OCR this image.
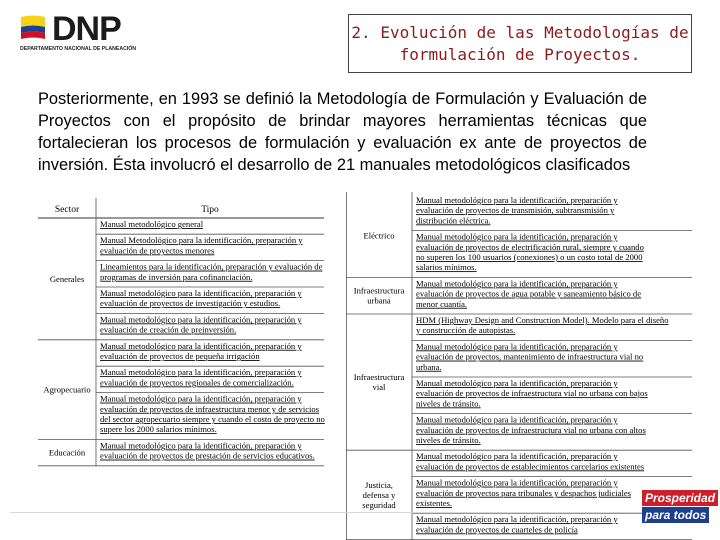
DNP
DEPARTAMENTO NACIONAL DE PLANEACIÓN
2. Evolución de las Metodologías de
formulación de Proyectos.
Posteriormente, en 1993 se definió la Metodología de Formulación y Evaluación de Proyectos con el propósito de brindar mayores herramientas técnicas que fortalecieran los procesos de formulación y evaluación ex ante de proyectos de inversión. Ésta involucró el desarrollo de 21 manuales metodológicos clasificados
Sector	Tipo
Manual metodológico general
Manual Metodológico para la identificación, preparación y
evaluación de proyectos menores
Lineamientos para la identificación, preparación y evaluación de
programas de inversión para cofinanciación.
Manual metodológico para la identificación, preparación y
evaluación de proyectos de investigación y estudios.
Manual metodológico para la identificación, preparación y
evaluación de creación de preinversión.
Generales
Manual metodológico para la identificación, preparación y
evaluación de proyectos de pequeña irrigación
Manual metodológico para la identificación, preparación y
evaluación de proyectos regionales de comercialización.
Manual metodológico para la identificación, preparación y
evaluación de proyectos de infraestructura menor y de servicios
del sector agropecuario siempre y cuando el costo de proyecto no
supere los 2000 salarios mínimos.
Agropecuario
Manual metodológico para la identificación, preparación y
evaluación de proyectos de prestación de servicios educativos.
Educación
Manual metodológico para la identificación, preparación y
evaluación de proyectos de transmisión, subtransmisión y
distribución eléctrica.
Manual metodológico para la identificación, preparación y
evaluación de proyectos de electrificación rural, siempre y cuando
no superen los 100 usuarios (conexiones) o un costo total de 2000
salarios mínimos.
Eléctrico
Manual metodológico para la identificación, preparación y
evaluación de proyectos de agua potable y saneamiento básico de
menor cuantía.
Infraestructura
urbana
HDM (Highway Design and Construction Model). Modelo para el diseño
y construcción de autopistas.
Manual metodológico para la identificación, preparación y
evaluación de proyectos, mantenimiento de infraestructura vial no
urbana.
Manual metodológico para la identificación, preparación y
evaluación de proyectos de infraestructura vial no urbana con bajos
niveles de tránsito.
Manual metodológico para la identificación, preparación y
evaluación de proyectos de infraestructura vial no urbana con altos
niveles de tránsito.
Infraestructura
vial
Manual metodológico para la identificación, preparación y
evaluación de proyectos de establecimientos carcelarios existentes
Manual metodológico para la identificación, preparación y
evaluación de proyectos para tribunales y despachos judiciales
existentes.
Manual metodológico para la identificación, preparación y
evaluación de proyectos de cuarteles de policía
Justicia,
defensa y
seguridad	Prosperidad
para todos
